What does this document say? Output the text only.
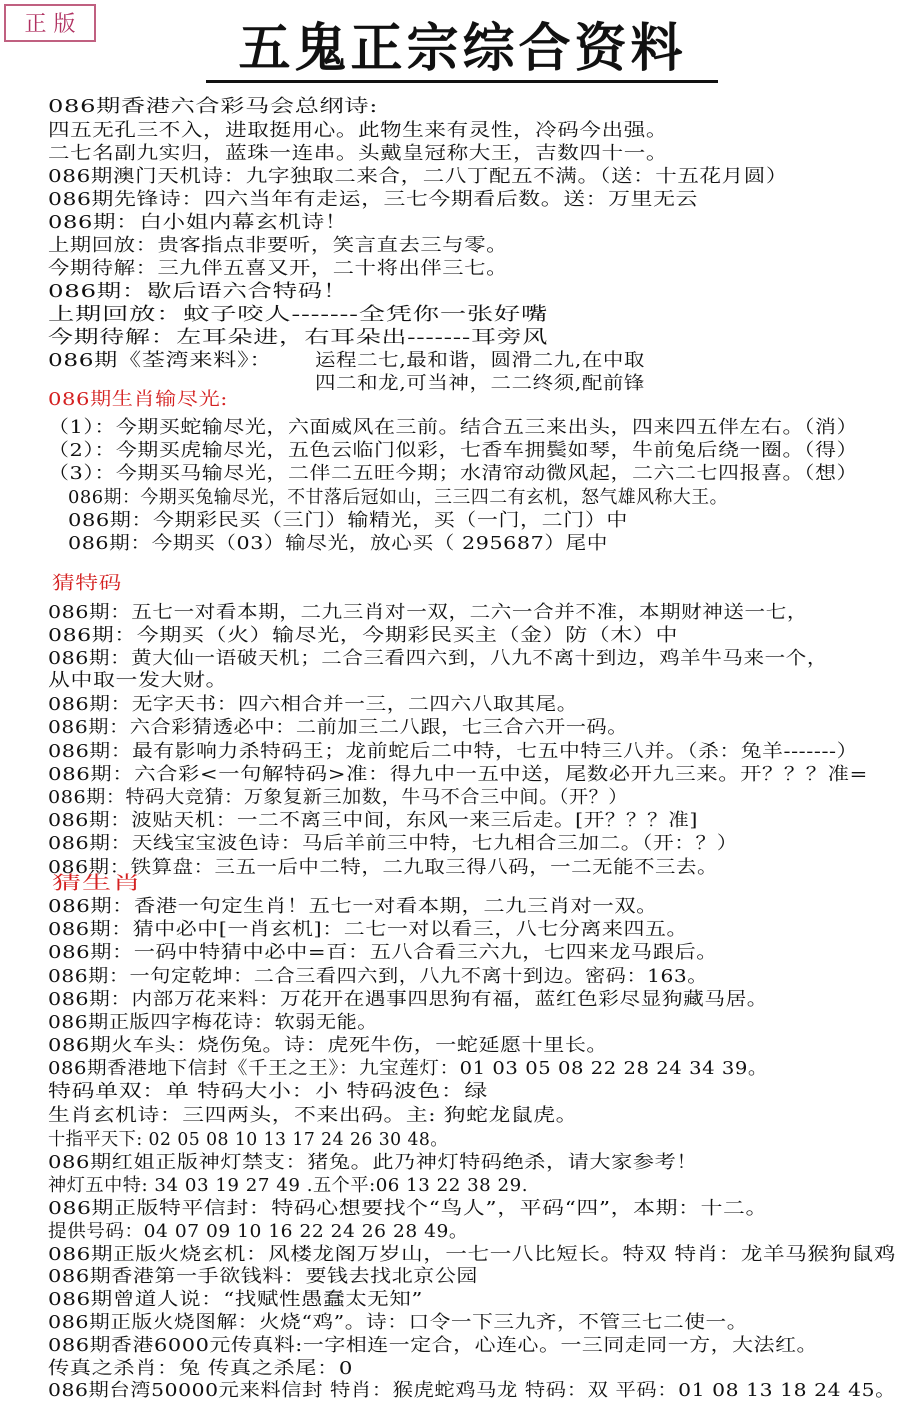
正 版	五鬼正宗综合资料
086期香港六合彩马会总纲诗:
四五无孔三不入，进取挺用心。此物生来有灵性，冷码今出强。
二七名副九实归，蓝珠一连串。头戴皇冠称大王，吉数四十一。
086期澳门天机诗：九字独取二来合，二八丁配五不满。（送：十五花月圆）
086期先锋诗：四六当年有走运，三七今期看后数。送：万里无云
086期：白小姐内幕玄机诗！
上期回放：贵客指点非要听，笑言直去三与零。
今期待解：三九伴五喜又开，二十将出伴三七。
086期：歇后语六合特码！
上期回放：蚊子咬人-------全凭你一张好嘴
今期待解：左耳朵进，右耳朵出-------耳旁风
086期《荃湾来料》： 运程二七,最和谐，圆滑二九,在中取
四二和龙,可当神，二二终须,配前锋
086期生肖输尽光:
（1）：今期买蛇输尽光，六面威风在三前。结合五三来出头，四来四五伴左右。（消）
（2）：今期买虎输尽光，五色云临门似彩，七香车拥鬓如琴，牛前兔后绕一圈。（得）
（3）：今期买马输尽光，二伴二五旺今期；水清帘动微风起，二六二七四报喜。（想）
086期：今期买兔输尽光，不甘落后冠如山，三三四二有玄机，怒气雄风称大王。
086期：今期彩民买（三门）输精光，买（一门，二门）中
086期：今期买（03）输尽光，放心买（ 295687）尾中
猜特码
086期：五七一对看本期，二九三肖对一双，二六一合并不准，本期财神送一七，
086期：今期买（火）输尽光，今期彩民买主（金）防（木）中
086期：黄大仙一语破天机；二合三看四六到，八九不离十到边，鸡羊牛马来一个，
从中取一发大财。
086期：无字天书：四六相合并一三，二四六八取其尾。
086期：六合彩猜透必中：二前加三二八跟，七三合六开一码。
086期：最有影响力杀特码王；龙前蛇后二中特，七五中特三八并。（杀：兔羊-------）
086期：六合彩<一句解特码>准：得九中一五中送，尾数必开九三来。开？？？准=
086期：特码大竞猜：万象复新三加数，牛马不合三中间。（开？）
086期：波贴天机：一二不离三中间，东风一来三后走。[开？？？准]
086期：天线宝宝波色诗：马后羊前三中特，七九相合三加二。（开：？）
086期：铁算盘：三五一后中二特，二九取三得八码，一二无能不三去。
猜生肖
086期：香港一句定生肖！五七一对看本期，二九三肖对一双。
086期：猜中必中[一肖玄机]：二七一对以看三，八七分离来四五。
086期：一码中特猜中必中=百：五八合看三六九，七四来龙马跟后。
086期：一句定乾坤：二合三看四六到，八九不离十到边。密码：163。
086期：内部万花来料：万花开在遇事四思狗有福，蓝红色彩尽显狗藏马居。
086期正版四字梅花诗：软弱无能。
086期火车头：烧伤兔。诗：虎死牛伤，一蛇延愿十里长。
086期香港地下信封《千王之王》：九宝莲灯：01 03 05 08 22 28 24 34 39。
特码单双：单 特码大小：小 特码波色：绿
生肖玄机诗：三四两头，不来出码。主: 狗蛇龙鼠虎。
十指平天下: 02 05 08 10 13 17 24 26 30 48。
086期红姐正版神灯禁支：猪兔。此乃神灯特码绝杀，请大家参考！
神灯五中特: 34 03 19 27 49 .五个平:06 13 22 38 29.
086期正版特平信封：特码心想要找个“鸟人”，平码“四”，本期：十二。
提供号码：04 07 09 10 16 22 24 26 28 49。
086期正版火烧玄机：风楼龙阁万岁山，一七一八比短长。特双 特肖：龙羊马猴狗鼠鸡
086期香港第一手欲钱料：要钱去找北京公园
086期曾道人说：“找赋性愚蠢太无知”
086期正版火烧图解：火烧“鸡”。诗：口令一下三九齐，不管三七二使一。
086期香港6000元传真料:一字相连一定合，心连心。一三同走同一方，大法红。
传真之杀肖：兔 传真之杀尾：0
086期台湾50000元来料信封 特肖：猴虎蛇鸡马龙 特码：双 平码：01 08 13 18 24 45。
